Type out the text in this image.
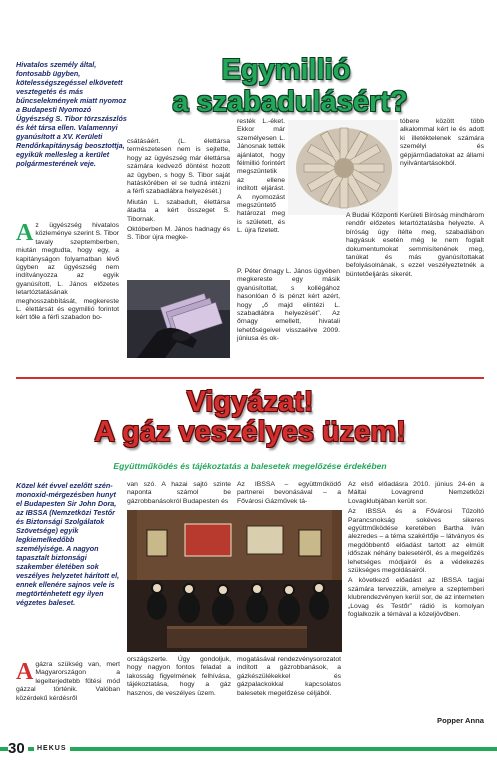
Egymillió
a szabadulásért?

Hivatalos személy által, fontosabb ügyben, kötelességszegéssel elkövetett vesztegetés és más bűncselekmények miatt nyomoz a Budapesti Nyomozó Ügyészség S. Tibor törzszászlós és két társa ellen. Valamennyi gyanúsított a XV. Kerületi Rendőrkapitányság beosztottja, egyikük mellesleg a kerület polgármesterének veje.

A z ügyészség hivatalos közleménye szerint S. Tibor tavaly szeptemberben, miután megtudta, hogy egy, a kapitányságon folyamatban lévő ügyben az ügyészség nem indítványozza az egyik gyanúsított, L. János előzetes letartóztatásának meghosszabbítását, megkereste L. élettársát és egymillió forintot kért tőle a férfi szabadon bo-

csátásáért. (L. élettársa természetesen nem is sejtette, hogy az ügyészség már élettársa számára kedvező döntést hozott az ügyben, s hogy S. Tibor saját hatáskörében el se tudná intézni a férfi szabadlábra helyezését.)

Miután L. szabadult, élettársa átadta a kért összeget S. Tibornak.

Októberben M. János hadnagy és S. Tibor újra megke-

resték L.-éket. Ekkor már személyesen L. Jánosnak tették ajánlatot, hogy félmillió forintért megszüntetik az ellene indított eljárást. A nyomozást megszüntető határozat meg is született, és L. újra fizetett.
P. Péter őrnagy L. János ügyében megkereste egy másik gyanúsítottat, s kollégához hasonlóan ő is pénzt kért azért, hogy „ő majd elintézi L. szabadlábra helyezését”. Az őrnagy emellett, hivatali lehetőségeivel visszaélve 2009. júniusa és ok-
tóbere között több alkalommal kért le és adott ki illetéktelenek számára személyi és gépjárműadatokat az állami nyilvántartásokból.
A Budai Központi Kerületi Bíróság mindhárom rendőr előzetes letartóztatásba helyezte. A bíróság úgy ítélte meg, szabadlábon hagyásuk esetén még le nem foglalt dokumentumokat semmisítenének meg, tanúkat és más gyanúsítottakat befolyásolnának, s ezzel veszélyeztetnék a büntetőeljárás sikerét.
Vigyázat!
A gáz veszélyes üzem!

Együttműködés és tájékoztatás a balesetek megelőzése érdekében

Közel két évvel ezelőtt szén-monoxid-mérgezésben hunyt el Budapesten Sir John Dora, az IBSSA (Nemzetközi Testőr és Biztonsági Szolgálatok Szövetsége) egyik legkiemelkedőbb személyisége. A nagyon tapasztalt biztonsági szakember életében sok veszélyes helyzetet hárított el, ennek ellenére sajnos vele is megtörténhetett egy ilyen végzetes baleset.

A gázra szükség van, mert Magyarországon a legelterjedtebb fűtési mód gázzal történik. Valóban közérdekű kérdésről
van szó. A hazai sajtó szinte naponta számol be gázrobbanásokról Budapesten és
Az IBSSA – együttműködő partnerei bevonásával – a Fővárosi Gázművek tá-
országszerte. Úgy gondoljuk, hogy nagyon fontos feladat a lakosság figyelmének felhívása, tájékoztatása, hogy a gáz hasznos, de veszélyes üzem.
mogatásával rendezvénysorozatot indított a gázrobbanások, a gázkészülékekkel és gázpalackokkal kapcsolatos balesetek megelőzése céljából.

Az első előadásra 2010. június 24-én a Máltai Lovagrend Nemzetközi Lovagklubjában került sor.

Az IBSSA és a Fővárosi Tűzoltó Parancsnokság sokéves sikeres együttműködése keretében Bartha Iván alezredes – a téma szakértője – látványos és megdöbbentő előadást tartott az elmúlt időszak néhány balesetéről, és a megelőzés lehetséges módjairól és a védekezés szükséges megoldásairól.

A következő előadást az IBSSA tagjai számára tervezzük, amelyre a szeptemberi klubrendezvényen kerül sor, de az interneten „Lovag és Testőr” rádió is komolyan foglalkozik a témával a közeljövőben.

Popper Anna

30	HEKUS
